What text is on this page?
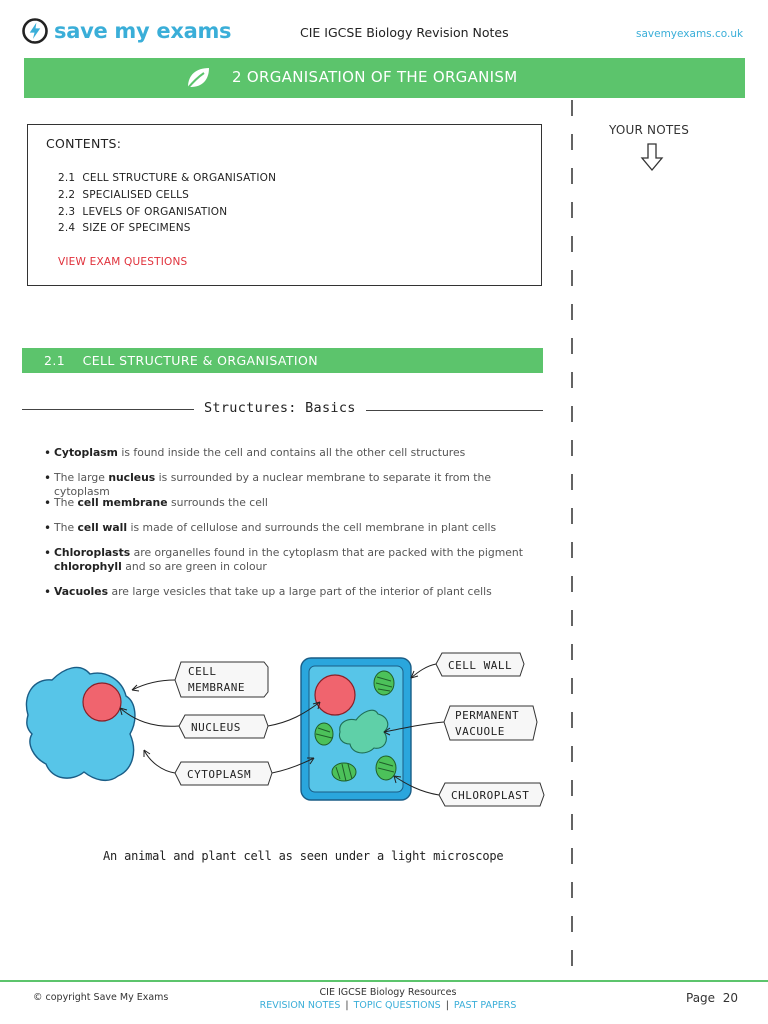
save my exams	CIE IGCSE Biology Revision Notes	savemyexams.co.uk
2 ORGANISATION OF THE ORGANISM
YOUR NOTES
CONTENTS:
2.1 CELL STRUCTURE & ORGANISATION
2.2 SPECIALISED CELLS
2.3 LEVELS OF ORGANISATION
2.4 SIZE OF SPECIMENS
VIEW EXAM QUESTIONS
2.1 CELL STRUCTURE & ORGANISATION
Structures: Basics
• Cytoplasm is found inside the cell and contains all the other cell structures
• The large nucleus is surrounded by a nuclear membrane to separate it from the cytoplasm
• The cell membrane surrounds the cell
• The cell wall is made of cellulose and surrounds the cell membrane in plant cells
• Chloroplasts are organelles found in the cytoplasm that are packed with the pigment
chlorophyll and so are green in colour
• Vacuoles are large vesicles that take up a large part of the interior of plant cells
CELL
MEMBRANE
NUCLEUS
CYTOPLASM
CELL WALL
PERMANENT
VACUOLE
CHLOROPLAST
An animal and plant cell as seen under a light microscope
© copyright Save My Exams	CIE IGCSE Biology Resources
REVISION NOTES | TOPIC QUESTIONS | PAST PAPERS
Page 20
